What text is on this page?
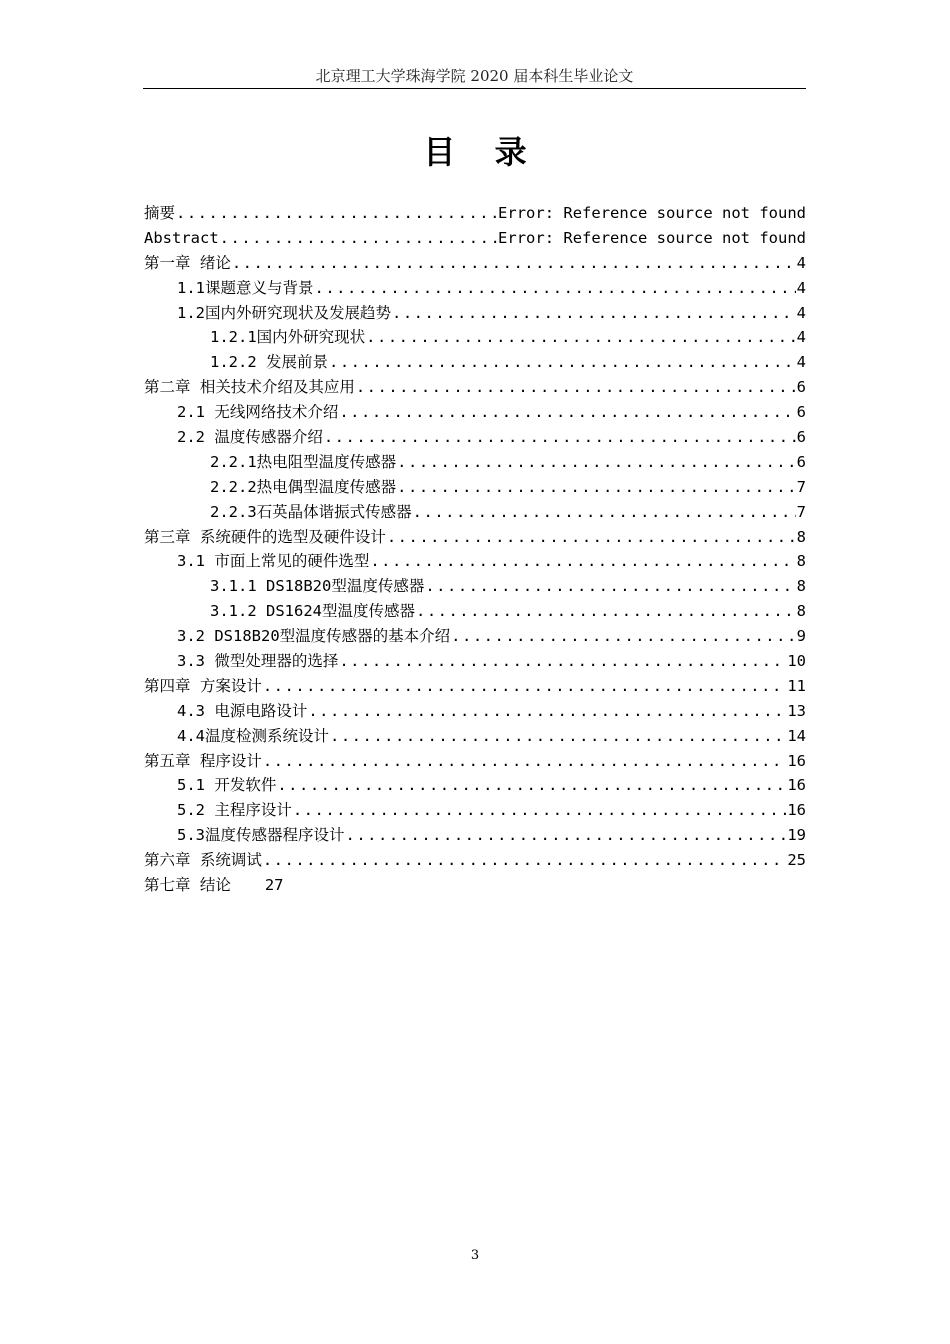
北京理工大学珠海学院 2020 届本科生毕业论文
目 录
摘要 .....	Error: Reference source not found
Abstract .....	Error: Reference source not found
第一章 绪论 .....	4
1.1课题意义与背景 .....	4
1.2国内外研究现状及发展趋势 .....	4
1.2.1国内外研究现状 .....	4
1.2.2 发展前景 .....	4
第二章 相关技术介绍及其应用 .....	6
2.1 无线网络技术介绍 .....	6
2.2 温度传感器介绍 .....	6
2.2.1热电阻型温度传感器 .....	6
2.2.2热电偶型温度传感器 .....	7
2.2.3石英晶体谐振式传感器 .....	7
第三章 系统硬件的选型及硬件设计 .....	8
3.1 市面上常见的硬件选型 .....	8
3.1.1 DS18B20型温度传感器 .....	8
3.1.2 DS1624型温度传感器 .....	8
3.2 DS18B20型温度传感器的基本介绍 .....	9
3.3 微型处理器的选择 .....	10
第四章 方案设计 .....	11
4.3 电源电路设计 .....	13
4.4温度检测系统设计 .....	14
第五章 程序设计 .....	16
5.1 开发软件 .....	16
5.2 主程序设计 .....	16
5.3温度传感器程序设计 .....	19
第六章 系统调试 .....	25
第七章 结论 27
3
